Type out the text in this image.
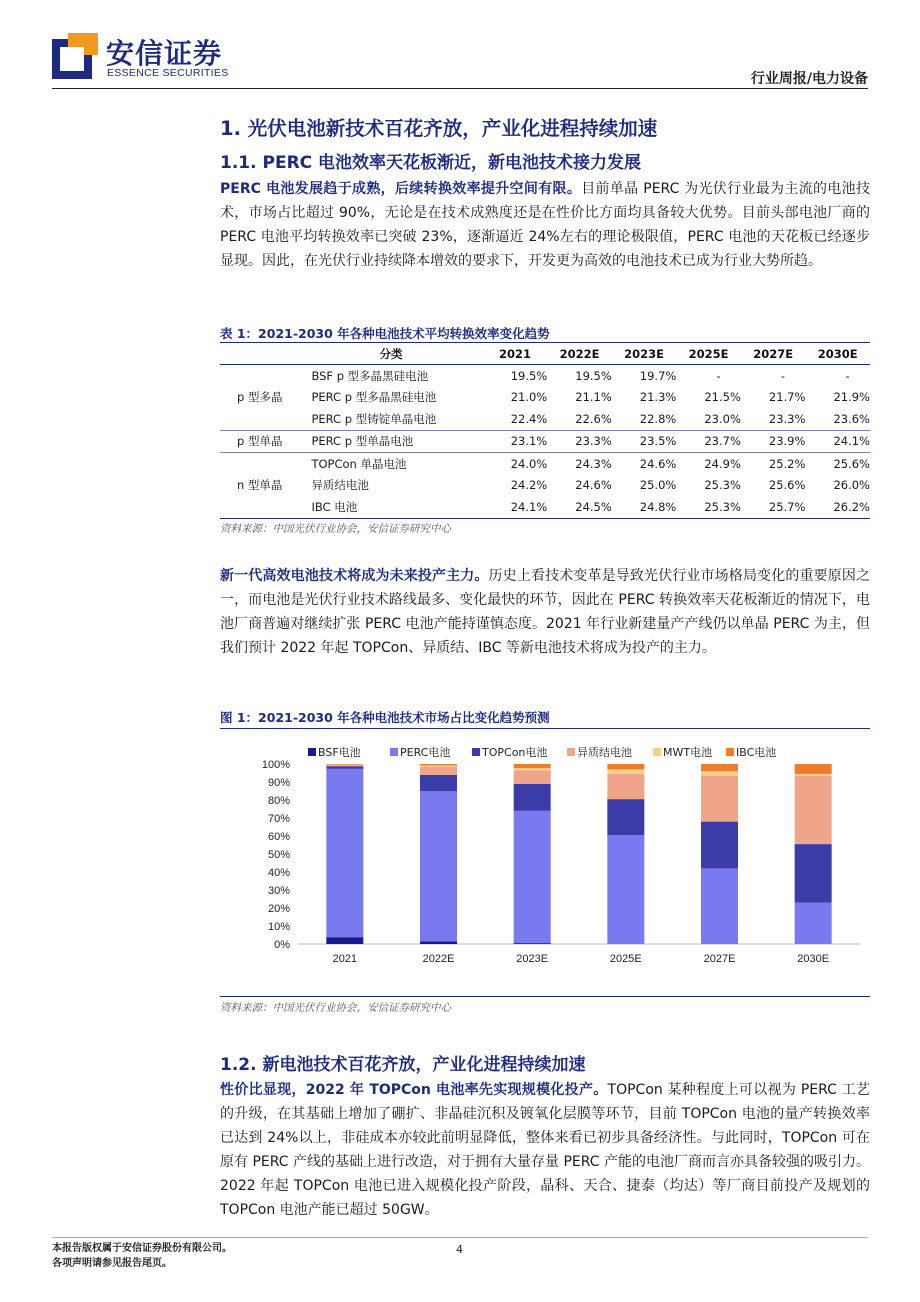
安信证券
ESSENCE SECURITIES	行业周报/电力设备
1. 光伏电池新技术百花齐放，产业化进程持续加速
1.1. PERC 电池效率天花板渐近，新电池技术接力发展
PERC 电池发展趋于成熟，后续转换效率提升空间有限。目前单晶 PERC 为光伏行业最为主流的电池技术，市场占比超过 90%，无论是在技术成熟度还是在性价比方面均具备较大优势。目前头部电池厂商的 PERC 电池平均转换效率已突破 23%，逐渐逼近 24%左右的理论极限值，PERC 电池的天花板已经逐步显现。因此，在光伏行业持续降本增效的要求下，开发更为高效的电池技术已成为行业大势所趋。
表 1：2021-2030 年各种电池技术平均转换效率变化趋势
	分类	2021	2022E	2023E	2025E	2027E	2030E
p 型多晶	BSF p 型多晶黑硅电池	19.5%	19.5%	19.7%	-	-	-
	PERC p 型多晶黑硅电池	21.0%	21.1%	21.3%	21.5%	21.7%	21.9%
	PERC p 型铸锭单晶电池	22.4%	22.6%	22.8%	23.0%	23.3%	23.6%
p 型单晶	PERC p 型单晶电池	23.1%	23.3%	23.5%	23.7%	23.9%	24.1%
n 型单晶	TOPCon 单晶电池	24.0%	24.3%	24.6%	24.9%	25.2%	25.6%
	异质结电池	24.2%	24.6%	25.0%	25.3%	25.6%	26.0%
	IBC 电池	24.1%	24.5%	24.8%	25.3%	25.7%	26.2%
资料来源：中国光伏行业协会，安信证券研究中心
新一代高效电池技术将成为未来投产主力。历史上看技术变革是导致光伏行业市场格局变化的重要原因之一，而电池是光伏行业技术路线最多、变化最快的环节，因此在 PERC 转换效率天花板渐近的情况下，电池厂商普遍对继续扩张 PERC 电池产能持谨慎态度。2021 年行业新建量产产线仍以单晶 PERC 为主，但我们预计 2022 年起 TOPCon、异质结、IBC 等新电池技术将成为投产的主力。
图 1：2021-2030 年各种电池技术市场占比变化趋势预测
0%
10%
20%
30%
40%
50%
60%
70%
80%
90%
100%
2021	2022E	2023E	2025E	2027E	2030E
BSF电池	PERC电池	TOPCon电池	异质结电池	MWT电池 IBC电池
资料来源：中国光伏行业协会，安信证券研究中心
1.2. 新电池技术百花齐放，产业化进程持续加速
性价比显现，2022 年 TOPCon 电池率先实现规模化投产。TOPCon 某种程度上可以视为 PERC 工艺的升级，在其基础上增加了硼扩、非晶硅沉积及镀氧化层膜等环节，目前 TOPCon 电池的量产转换效率已达到 24%以上，非硅成本亦较此前明显降低，整体来看已初步具备经济性。与此同时，TOPCon 可在原有 PERC 产线的基础上进行改造，对于拥有大量存量 PERC 产能的电池厂商而言亦具备较强的吸引力。2022 年起 TOPCon 电池已进入规模化投产阶段，晶科、天合、捷泰（均达）等厂商目前投产及规划的 TOPCon 电池产能已超过 50GW。
本报告版权属于安信证券股份有限公司。
各项声明请参见报告尾页。
4
